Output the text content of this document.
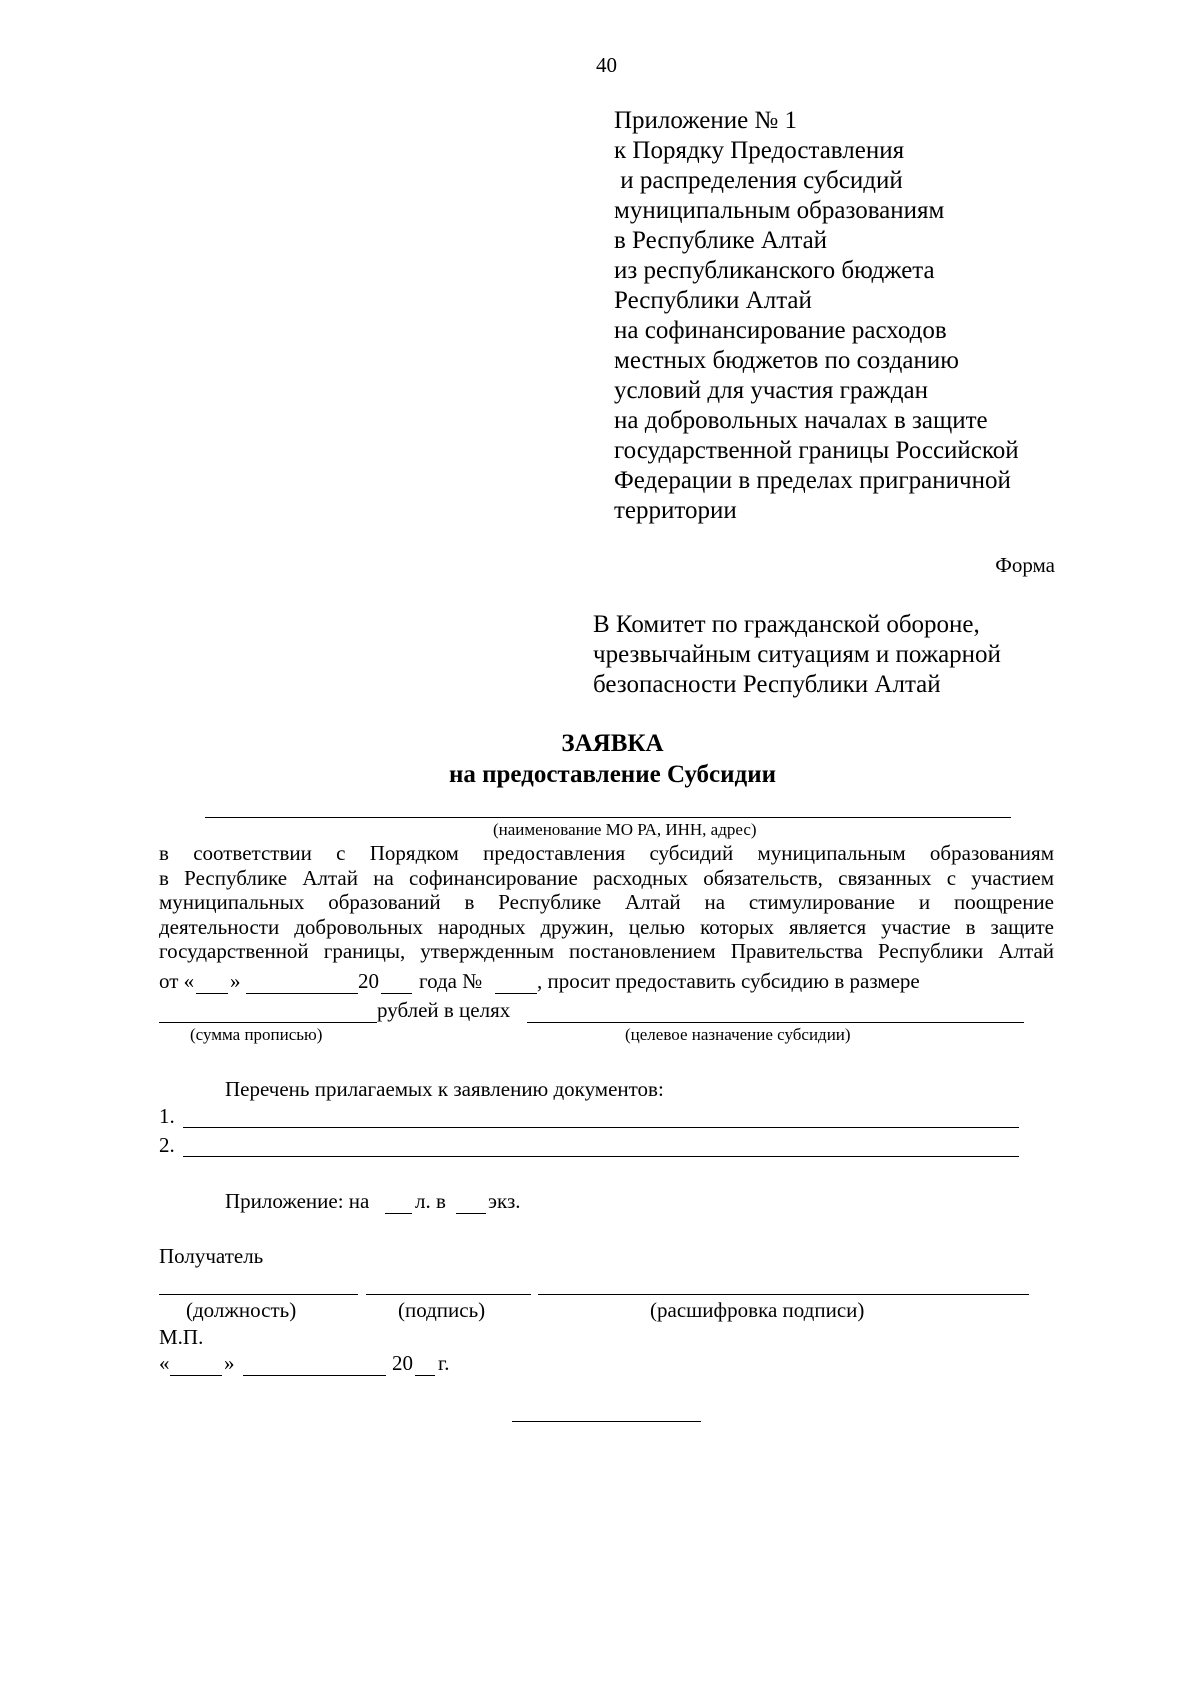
40
Приложение № 1
к Порядку Предоставления
и распределения субсидий
муниципальным образованиям
в Республике Алтай
из республиканского бюджета
Республики Алтай
на софинансирование расходов
местных бюджетов по созданию
условий для участия граждан
на добровольных началах в защите
государственной границы Российской
Федерации в пределах приграничной
территории
Форма
В Комитет по гражданской обороне,
чрезвычайным ситуациям и пожарной
безопасности Республики Алтай
ЗАЯВКА
на предоставление Субсидии
(наименование МО РА, ИНН, адрес)
в соответствии с Порядком предоставления субсидий муниципальным образованиям
в Республике Алтай на софинансирование расходных обязательств, связанных с участием
муниципальных образований в Республике Алтай на стимулирование и поощрение
деятельности добровольных народных дружин, целью которых является участие в защите
государственной границы, утвержденным постановлением Правительства Республики Алтай
от « »	20 года №	, просит предоставить субсидию в размере
рублей в целях
(сумма прописью)	(целевое назначение субсидии)
Перечень прилагаемых к заявлению документов:
1.
2.
Приложение: на л. в экз.
Получатель
(должность)	(подпись)	(расшифровка подписи)
М.П.
«	»	20 г.
